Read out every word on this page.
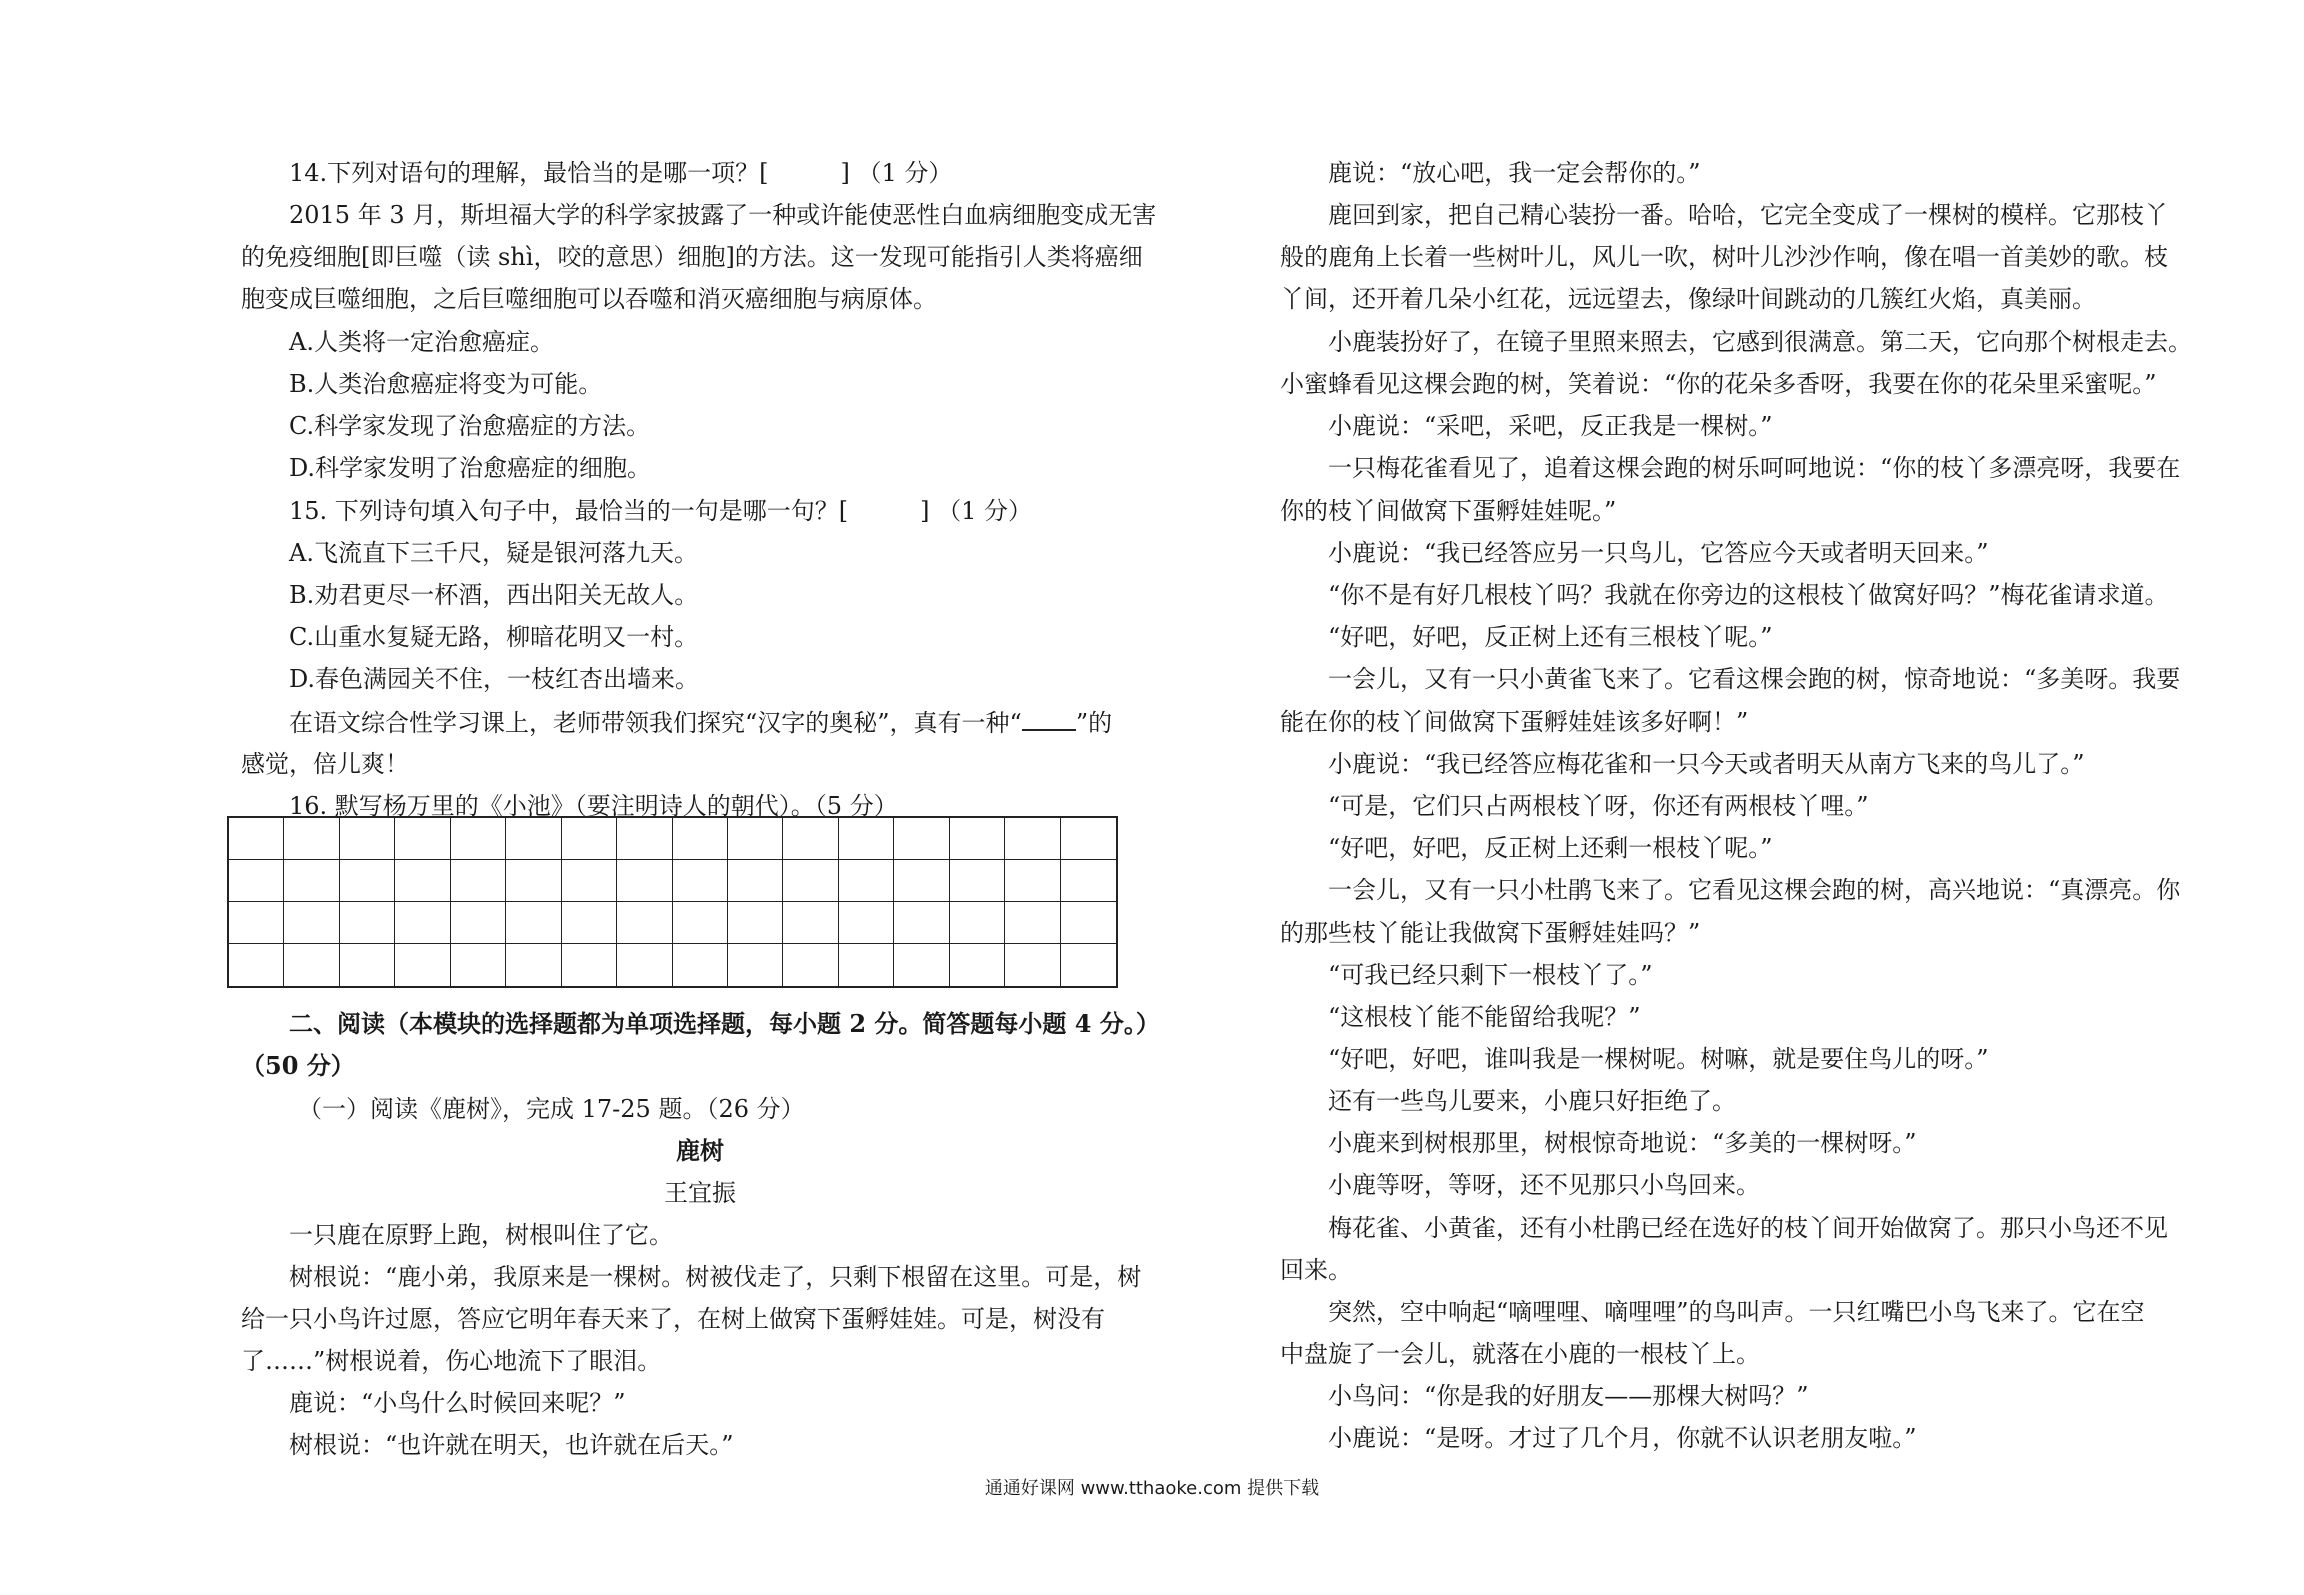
14.下列对语句的理解，最恰当的是哪一项？[　　　] （1 分）
2015 年 3 月，斯坦福大学的科学家披露了一种或许能使恶性白血病细胞变成无害
的免疫细胞[即巨噬（读 shì，咬的意思）细胞]的方法。这一发现可能指引人类将癌细
胞变成巨噬细胞，之后巨噬细胞可以吞噬和消灭癌细胞与病原体。
A.人类将一定治愈癌症。
B.人类治愈癌症将变为可能。
C.科学家发现了治愈癌症的方法。
D.科学家发明了治愈癌症的细胞。
15. 下列诗句填入句子中，最恰当的一句是哪一句？[　　　] （1 分）
A.飞流直下三千尺，疑是银河落九天。
B.劝君更尽一杯酒，西出阳关无故人。
C.山重水复疑无路，柳暗花明又一村。
D.春色满园关不住，一枝红杏出墙来。
在语文综合性学习课上，老师带领我们探究“汉字的奥秘”，真有一种“ ”的
感觉，倍儿爽！
16. 默写杨万里的《小池》（要注明诗人的朝代）。（5 分）
二、阅读（本模块的选择题都为单项选择题，每小题 2 分。简答题每小题 4 分。）
（50 分）
（一）阅读《鹿树》，完成 17-25 题。（26 分）
鹿树
王宜振
一只鹿在原野上跑，树根叫住了它。
树根说：“鹿小弟，我原来是一棵树。树被伐走了，只剩下根留在这里。可是，树
给一只小鸟许过愿，答应它明年春天来了，在树上做窝下蛋孵娃娃。可是，树没有
了……”树根说着，伤心地流下了眼泪。
鹿说：“小鸟什么时候回来呢？”
树根说：“也许就在明天，也许就在后天。”
鹿说：“放心吧，我一定会帮你的。”
鹿回到家，把自己精心装扮一番。哈哈，它完全变成了一棵树的模样。它那枝丫
般的鹿角上长着一些树叶儿，风儿一吹，树叶儿沙沙作响，像在唱一首美妙的歌。枝
丫间，还开着几朵小红花，远远望去，像绿叶间跳动的几簇红火焰，真美丽。
小鹿装扮好了，在镜子里照来照去，它感到很满意。第二天，它向那个树根走去。
小蜜蜂看见这棵会跑的树，笑着说：“你的花朵多香呀，我要在你的花朵里采蜜呢。”
小鹿说：“采吧，采吧，反正我是一棵树。”
一只梅花雀看见了，追着这棵会跑的树乐呵呵地说：“你的枝丫多漂亮呀，我要在
你的枝丫间做窝下蛋孵娃娃呢。”
小鹿说：“我已经答应另一只鸟儿，它答应今天或者明天回来。”
“你不是有好几根枝丫吗？我就在你旁边的这根枝丫做窝好吗？”梅花雀请求道。
“好吧，好吧，反正树上还有三根枝丫呢。”
一会儿，又有一只小黄雀飞来了。它看这棵会跑的树，惊奇地说：“多美呀。我要
能在你的枝丫间做窝下蛋孵娃娃该多好啊！”
小鹿说：“我已经答应梅花雀和一只今天或者明天从南方飞来的鸟儿了。”
“可是，它们只占两根枝丫呀，你还有两根枝丫哩。”
“好吧，好吧，反正树上还剩一根枝丫呢。”
一会儿，又有一只小杜鹃飞来了。它看见这棵会跑的树，高兴地说：“真漂亮。你
的那些枝丫能让我做窝下蛋孵娃娃吗？”
“可我已经只剩下一根枝丫了。”
“这根枝丫能不能留给我呢？”
“好吧，好吧，谁叫我是一棵树呢。树嘛，就是要住鸟儿的呀。”
还有一些鸟儿要来，小鹿只好拒绝了。
小鹿来到树根那里，树根惊奇地说：“多美的一棵树呀。”
小鹿等呀，等呀，还不见那只小鸟回来。
梅花雀、小黄雀，还有小杜鹃已经在选好的枝丫间开始做窝了。那只小鸟还不见
回来。
突然，空中响起“嘀哩哩、嘀哩哩”的鸟叫声。一只红嘴巴小鸟飞来了。它在空
中盘旋了一会儿，就落在小鹿的一根枝丫上。
小鸟问：“你是我的好朋友——那棵大树吗？”
小鹿说：“是呀。才过了几个月，你就不认识老朋友啦。”
通通好课网 www.tthaoke.com 提供下载
